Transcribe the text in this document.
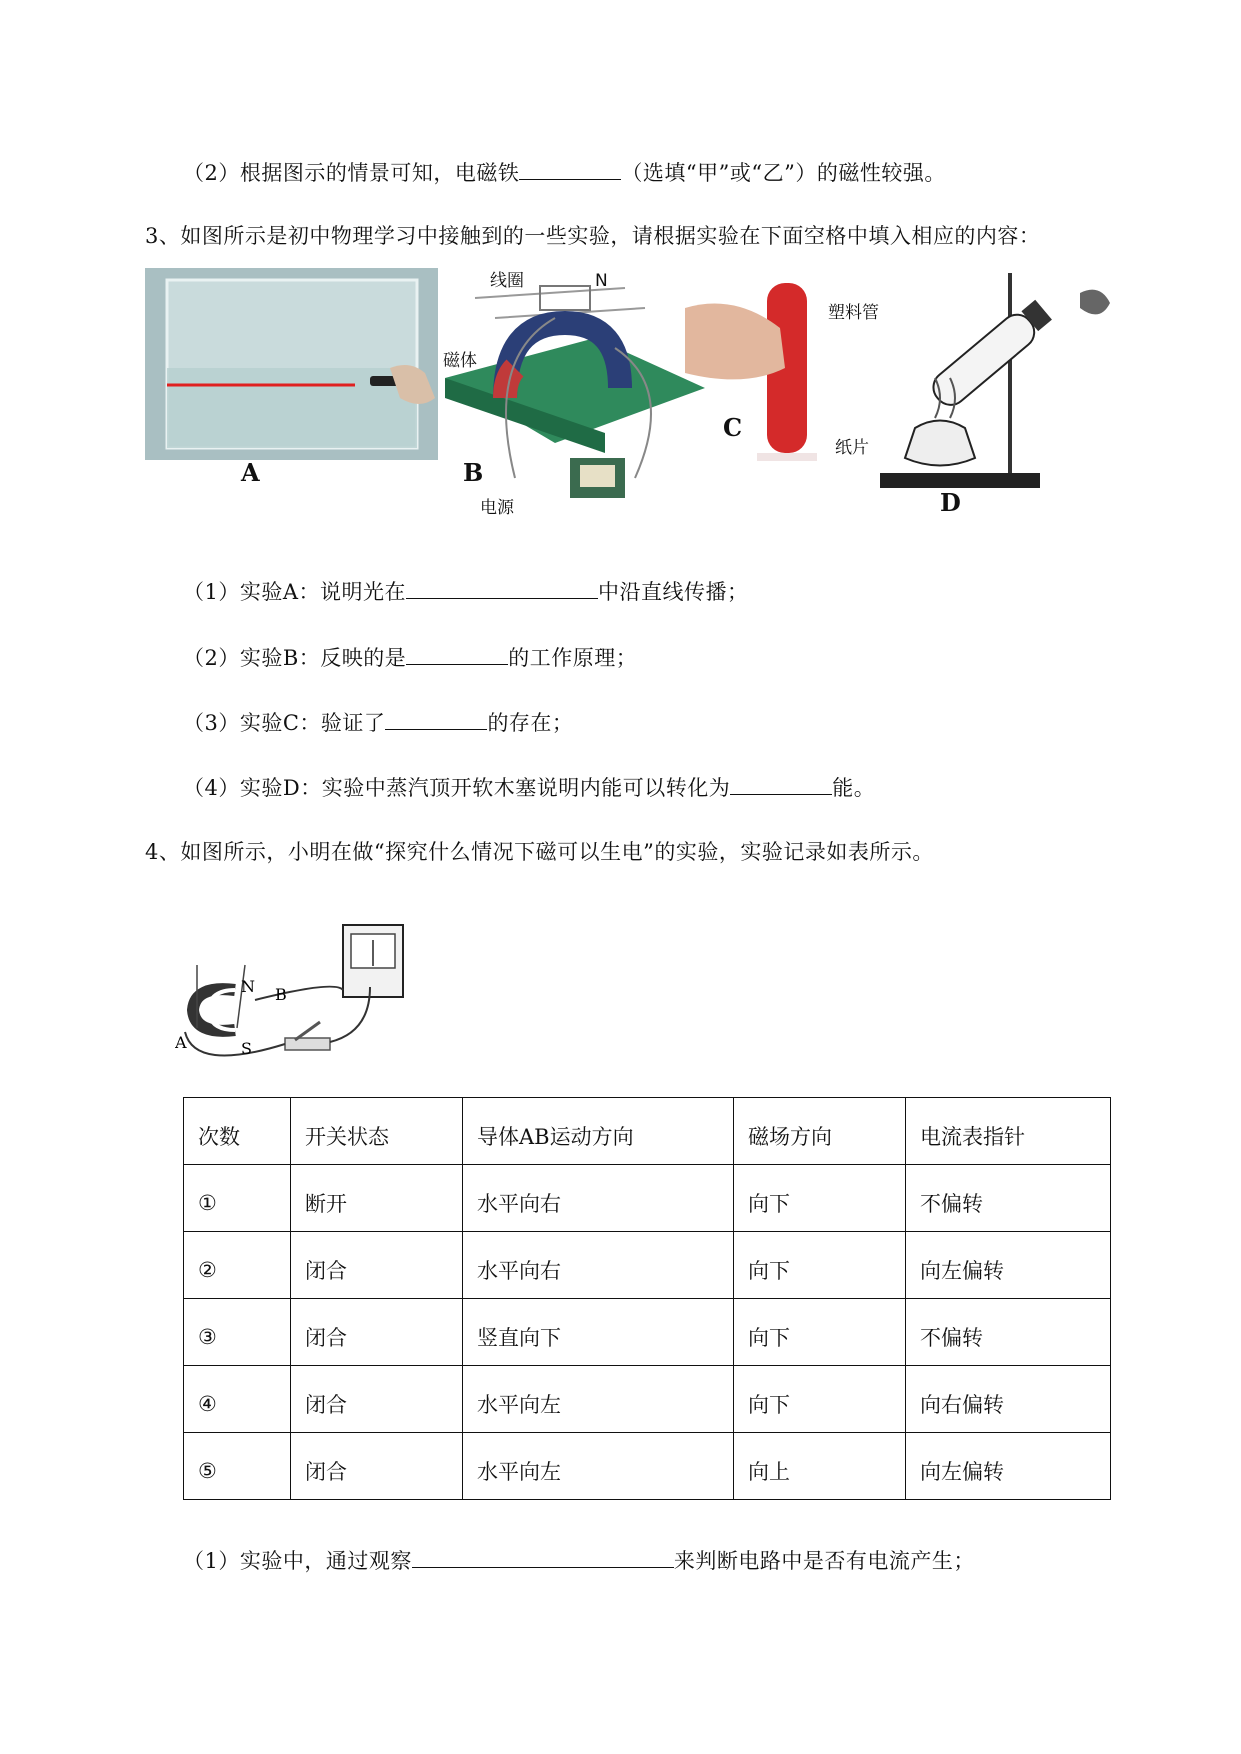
（2）根据图示的情景可知，电磁铁	（选填“甲”或“乙”）的磁性较强。
3、如图所示是初中物理学习中接触到的一些实验，请根据实验在下面空格中填入相应的内容：
A
磁体
线圈	N
电源
B
塑料管
纸片
C
D
（1）实验A：说明光在	中沿直线传播；
（2）实验B：反映的是	的工作原理；
（3）实验C：验证了	的存在；
（4）实验D：实验中蒸汽顶开软木塞说明内能可以转化为	能。
4、如图所示，小明在做“探究什么情况下磁可以生电”的实验，实验记录如表所示。
N
S
A
B
次数	开关状态	导体AB运动方向	磁场方向	电流表指针
①	断开	水平向右	向下	不偏转
②	闭合	水平向右	向下	向左偏转
③	闭合	竖直向下	向下	不偏转
④	闭合	水平向左	向下	向右偏转
⑤	闭合	水平向左	向上	向左偏转
（1）实验中，通过观察	来判断电路中是否有电流产生；
